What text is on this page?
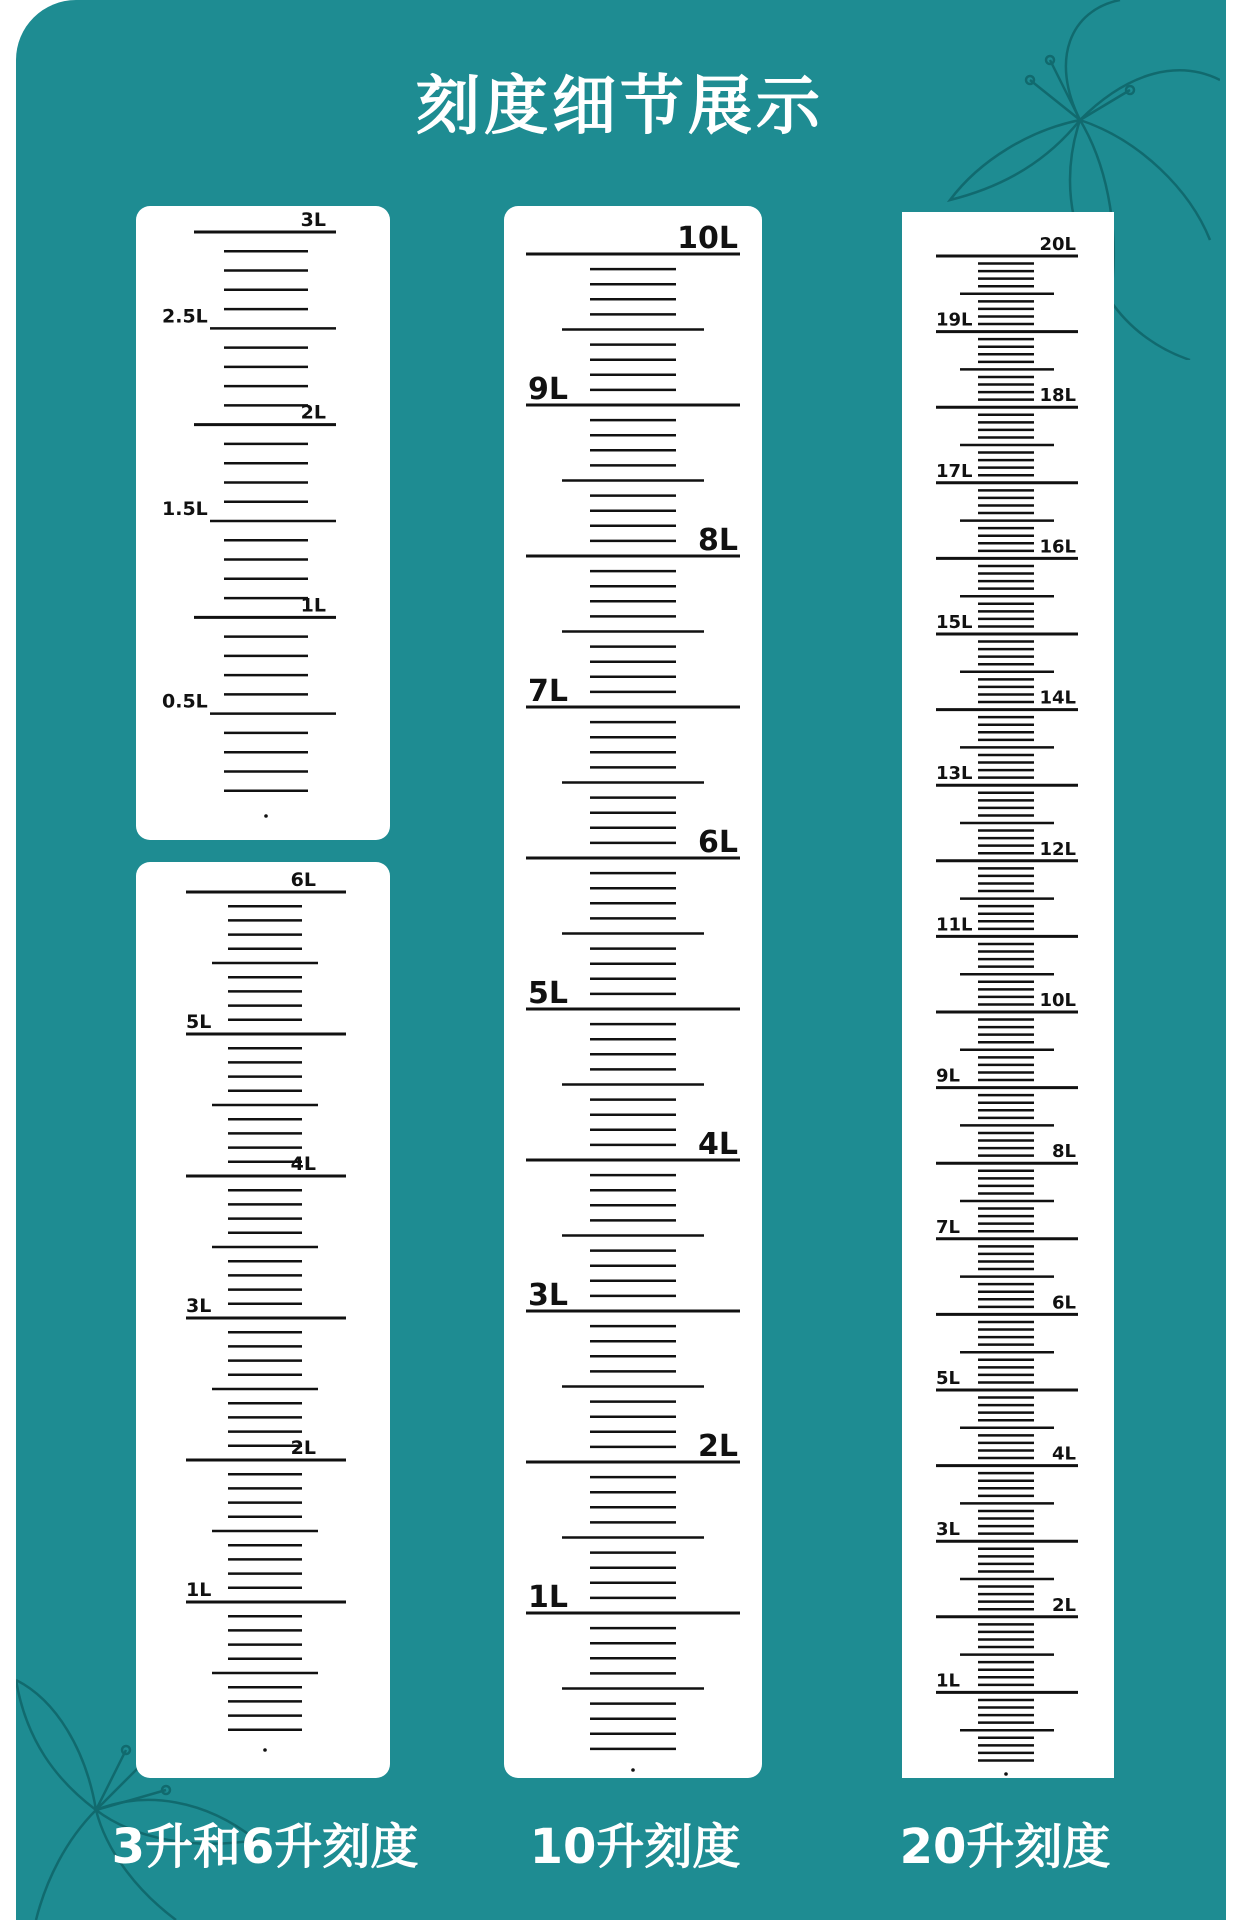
刻度细节展示
3L
2.5L
2L
1.5L
1L
0.5L
6L
5L
4L
3L
2L
1L
10L
9L
8L
7L
6L
5L
4L
3L
2L
1L
20L
19L
18L
17L
16L
15L
14L
13L
12L
11L
10L
9L
8L
7L
6L
5L
4L
3L
2L
1L
3升和6升刻度	10升刻度	20升刻度
